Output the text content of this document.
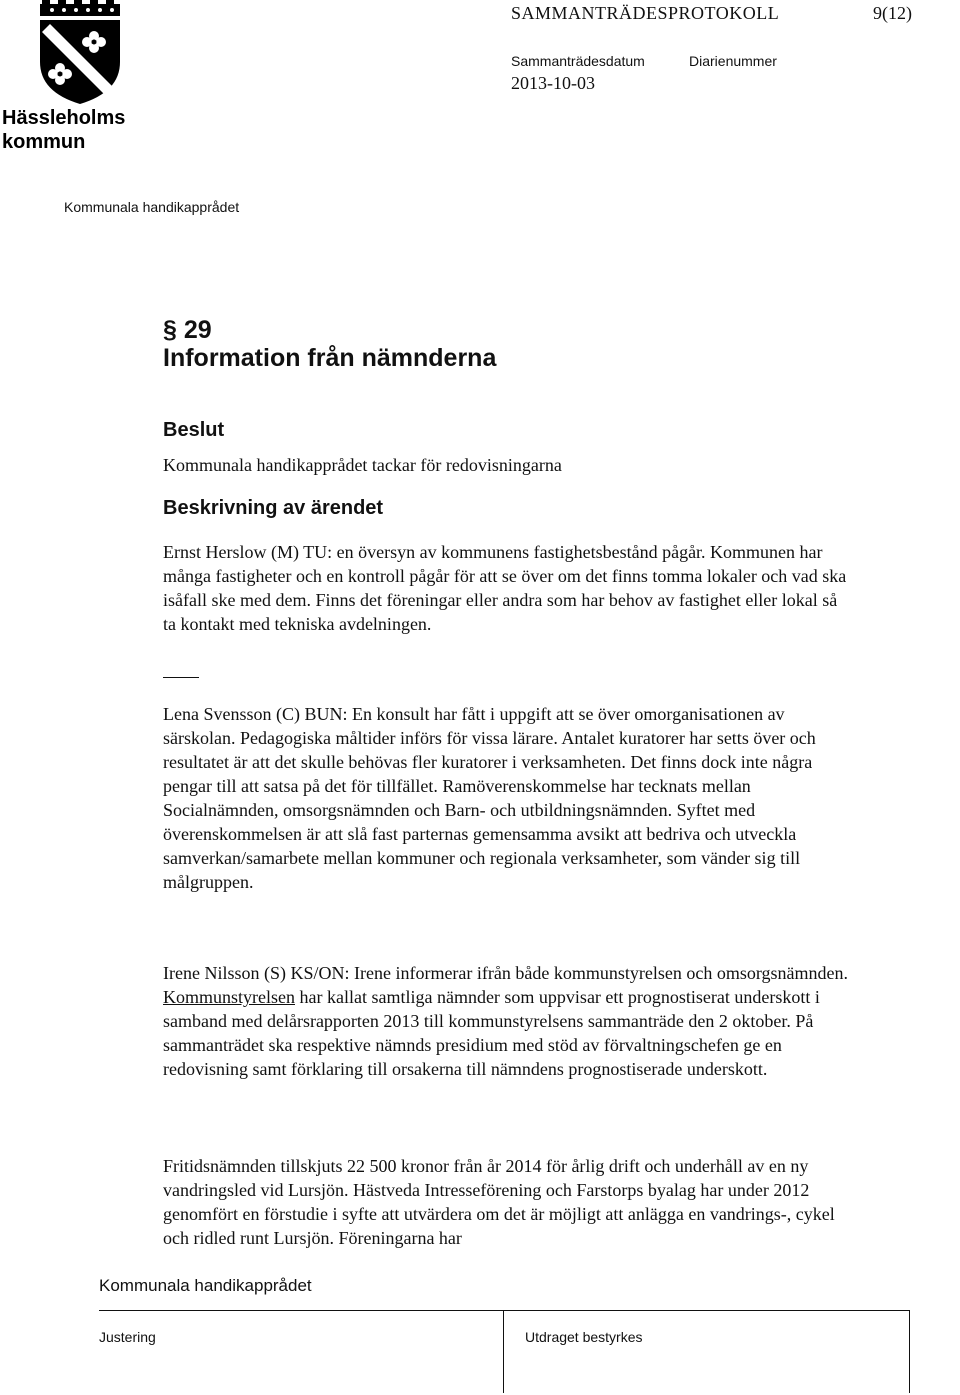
Hässleholms
kommun
SAMMANTRÄDESPROTOKOLL	9(12)
Sammanträdesdatum	Diarienummer
2013-10-03
Kommunala handikapprådet
§ 29
Information från nämnderna
Beslut
Kommunala handikapprådet tackar för redovisningarna
Beskrivning av ärendet

Ernst Herslow (M) TU: en översyn av kommunens fastighetsbestånd pågår. Kommunen har många fastigheter och en kontroll pågår för att se över om det finns tomma lokaler och vad ska isåfall ske med dem. Finns det föreningar eller andra som har behov av fastighet eller lokal så ta kontakt med tekniska avdelningen.

Lena Svensson (C) BUN: En konsult har fått i uppgift att se över omorganisationen av särskolan. Pedagogiska måltider införs för vissa lärare. Antalet kuratorer har setts över och resultatet är att det skulle behövas fler kuratorer i verksamheten. Det finns dock inte några pengar till att satsa på det för tillfället. Ramöverenskommelse har tecknats mellan Socialnämnden, omsorgsnämnden och Barn- och utbildningsnämnden. Syftet med överenskommelsen är att slå fast parternas gemensamma avsikt att bedriva och utveckla samverkan/samarbete mellan kommuner och regionala verksamheter, som vänder sig till målgruppen.

Irene Nilsson (S) KS/ON: Irene informerar ifrån både kommunstyrelsen och omsorgsnämnden.
Kommunstyrelsen har kallat samtliga nämnder som uppvisar ett prognostiserat underskott i samband med delårsrapporten 2013 till kommunstyrelsens sammanträde den 2 oktober. På sammanträdet ska respektive nämnds presidium med stöd av förvaltningschefen ge en redovisning samt förklaring till orsakerna till nämndens prognostiserade underskott.

Fritidsnämnden tillskjuts 22 500 kronor från år 2014 för årlig drift och underhåll av en ny vandringsled vid Lursjön. Hästveda Intresseförening och Farstorps byalag har under 2012 genomfört en förstudie i syfte att utvärdera om det är möjligt att anlägga en vandrings-, cykel och ridled runt Lursjön. Föreningarna har

Kommunala handikapprådet
Justering	Utdraget bestyrkes
